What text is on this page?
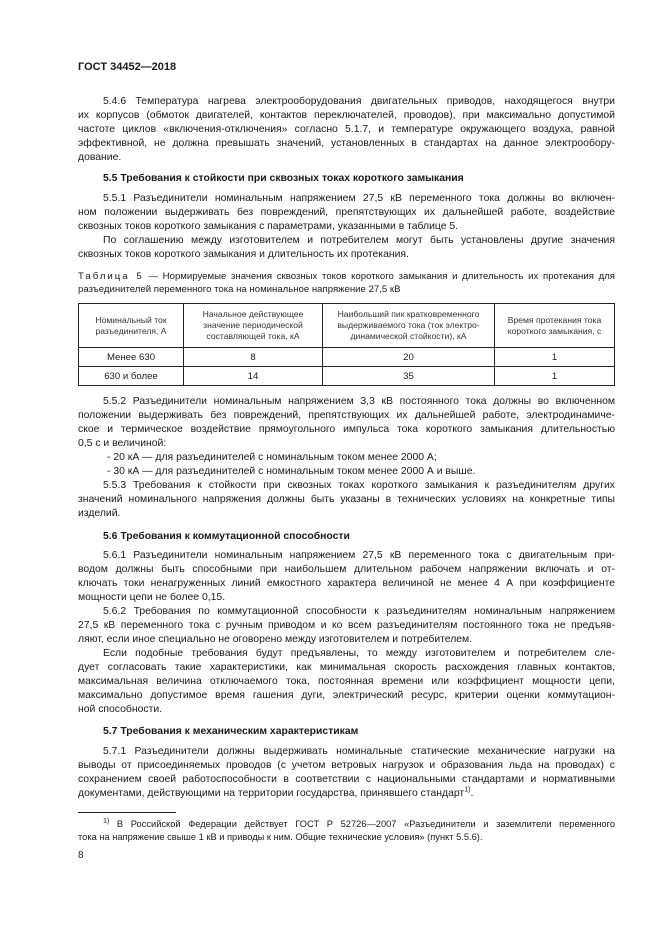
ГОСТ 34452—2018
5.4.6 Температура нагрева электрооборудования двигательных приводов, находящегося внутри
их корпусов (обмоток двигателей, контактов переключателей, проводов), при максимально допустимой
частоте циклов «включения-отключения» согласно 5.1.7, и температуре окружающего воздуха, равной
эффективной, не должна превышать значений, установленных в стандартах на данное электрообору-
дование.
5.5 Требования к стойкости при сквозных токах короткого замыкания
5.5.1 Разъединители номинальным напряжением 27,5 кВ переменного тока должны во включен-
ном положении выдерживать без повреждений, препятствующих их дальнейшей работе, воздействие
сквозных токов короткого замыкания с параметрами, указанными в таблице 5.
По соглашению между изготовителем и потребителем могут быть установлены другие значения
сквозных токов короткого замыкания и длительность их протекания.
Таблица 5 — Нормируемые значения сквозных токов короткого замыкания и длительность их протекания для
разъединителей переменного тока на номинальное напряжение 27,5 кВ
Номинальный ток разъединителя, А	Начальное действующее значение периодической составляющей тока, кА	Наибольший пик кратковременного выдерживаемого тока (ток электро-динамической стойкости), кА	Время протекания тока короткого замыкания, с
Менее 630	8	20	1
630 и более	14	35	1
5.5.2 Разъединители номинальным напряжением 3,3 кВ постоянного тока должны во включенном
положении выдерживать без повреждений, препятствующих их дальнейшей работе, электродинамиче-
ское и термическое воздействие прямоугольного импульса тока короткого замыкания длительностью
0,5 с и величиной:
- 20 кА — для разъединителей с номинальным током менее 2000 А;
- 30 кА — для разъединителей с номинальным током менее 2000 А и выше.
5.5.3 Требования к стойкости при сквозных токах короткого замыкания к разъединителям других
значений номинального напряжения должны быть указаны в технических условиях на конкретные типы
изделий.
5.6 Требования к коммутационной способности
5.6.1 Разъединители номинальным напряжением 27,5 кВ переменного тока с двигательным при-
водом должны быть способными при наибольшем длительном рабочем напряжении включать и от-
ключать токи ненагруженных линий емкостного характера величиной не менее 4 А при коэффициенте
мощности цепи не более 0,15.
5.6.2 Требования по коммутационной способности к разъединителям номинальным напряжением
27,5 кВ переменного тока с ручным приводом и ко всем разъединителям постоянного тока не предъяв-
ляют, если иное специально не оговорено между изготовителем и потребителем.
Если подобные требования будут предъявлены, то между изготовителем и потребителем сле-
дует согласовать такие характеристики, как минимальная скорость расхождения главных контактов,
максимальная величина отключаемого тока, постоянная времени или коэффициент мощности цепи,
максимально допустимое время гашения дуги, электрический ресурс, критерии оценки коммутацион-
ной способности.
5.7 Требования к механическим характеристикам
5.7.1 Разъединители должны выдерживать номинальные статические механические нагрузки на
выводы от присоединяемых проводов (с учетом ветровых нагрузок и образования льда на проводах) с
сохранением своей работоспособности в соответствии с национальными стандартами и нормативными
документами, действующими на территории государства, принявшего стандарт$^{1)}$.
$^{1)}$ В Российской Федерации действует ГОСТ Р 52726—2007 «Разъединители и заземлители переменного
тока на напряжение свыше 1 кВ и приводы к ним. Общие технические условия» (пункт 5.5.6).
8
